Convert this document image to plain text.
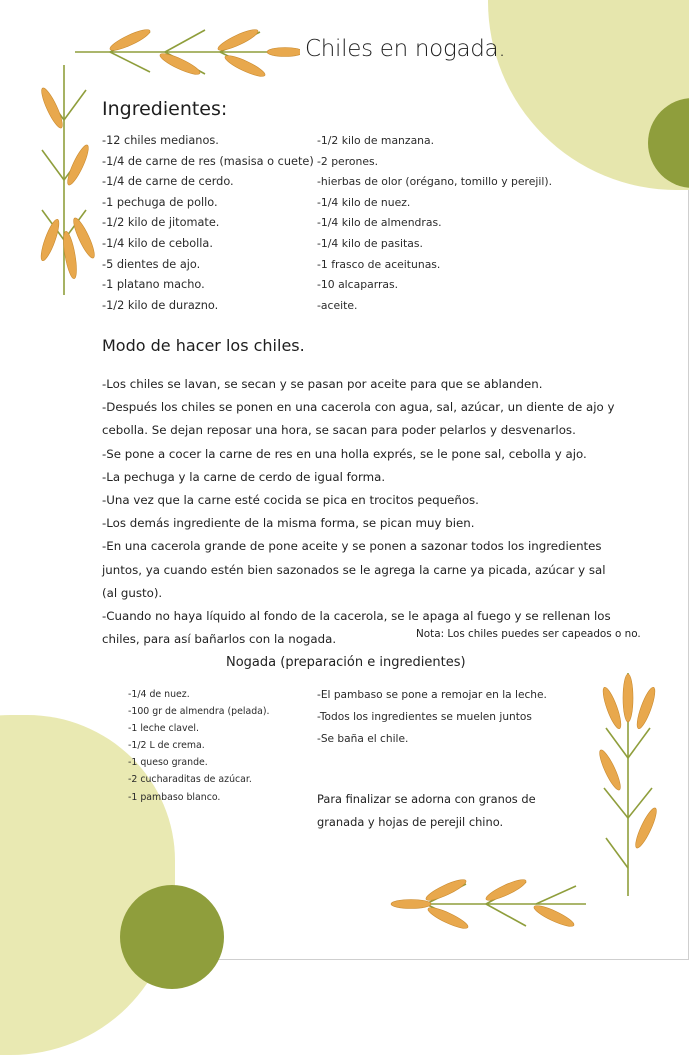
Chiles en nogada.
Ingredientes:
-12 chiles medianos.
-1/4 de carne de res (masisa o cuete)
-1/4 de carne de cerdo.
-1 pechuga de pollo.
-1/2 kilo de jitomate.
-1/4 kilo de cebolla.
-5 dientes de ajo.
-1 platano macho.
-1/2 kilo de durazno.
-1/2 kilo de manzana.
-2 perones.
-hierbas de olor (orégano, tomillo y perejil).
-1/4 kilo de nuez.
-1/4 kilo de almendras.
-1/4 kilo de pasitas.
-1 frasco de aceitunas.
-10 alcaparras.
-aceite.
Modo de hacer los chiles.

-Los chiles se lavan, se secan y se pasan por aceite para que se ablanden.

-Después los chiles se ponen en una cacerola con agua, sal, azúcar, un diente de ajo y cebolla. Se dejan reposar una hora, se sacan para poder pelarlos y desvenarlos.

-Se pone a cocer la carne de res en una holla exprés, se le pone sal, cebolla y ajo.

-La pechuga y la carne de cerdo de igual forma.

-Una vez que la carne esté cocida se pica en trocitos pequeños.

-Los demás ingrediente de la misma forma, se pican muy bien.

-En una cacerola grande de pone aceite y se ponen a sazonar todos los ingredientes juntos, ya cuando estén bien sazonados se le agrega la carne ya picada, azúcar y sal (al gusto).

-Cuando no haya líquido al fondo de la cacerola, se le apaga al fuego y se rellenan los chiles, para así bañarlos con la nogada.	Nota: Los chiles puedes ser capeados o no.
Nogada (preparación e ingredientes)
-1/4 de nuez.
-100 gr de almendra (pelada).
-1 leche clavel.
-1/2 L de crema.
-1 queso grande.
-2 cucharaditas de azúcar.
-1 pambaso blanco.
-El pambaso se pone a remojar en la leche.
-Todos los ingredientes se muelen juntos
-Se baña el chile.
Para finalizar se adorna con granos de granada y hojas de perejil chino.
